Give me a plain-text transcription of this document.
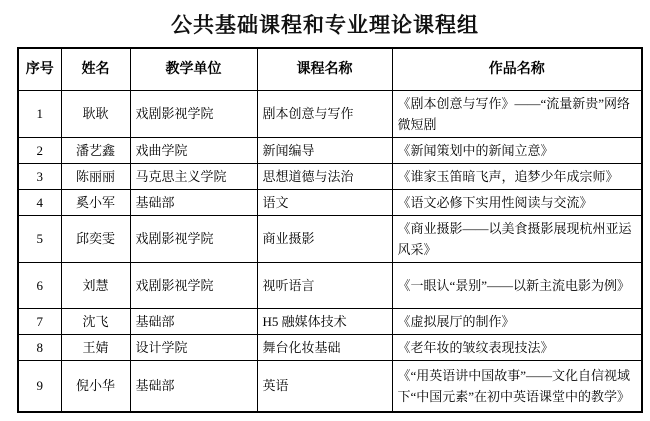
公共基础课程和专业理论课程组
序号	姓名	教学单位	课程名称	作品名称
1	耿耿	戏剧影视学院	剧本创意与写作	《剧本创意与写作》——“流量新贵”网络微短剧
2	潘艺鑫	戏曲学院	新闻编导	《新闻策划中的新闻立意》
3	陈丽丽	马克思主义学院	思想道德与法治	《谁家玉笛暗飞声，追梦少年成宗师》
4	奚小军	基础部	语文	《语文必修下实用性阅读与交流》
5	邱奕雯	戏剧影视学院	商业摄影	《商业摄影——以美食摄影展现杭州亚运风采》
6	刘慧	戏剧影视学院	视听语言	《一眼认“景别”——以新主流电影为例》
7	沈飞	基础部	H5 融媒体技术	《虚拟展厅的制作》
8	王婧	设计学院	舞台化妆基础	《老年妆的皱纹表现技法》
9	倪小华	基础部	英语	《“用英语讲中国故事”——文化自信视域下“中国元素”在初中英语课堂中的教学》
